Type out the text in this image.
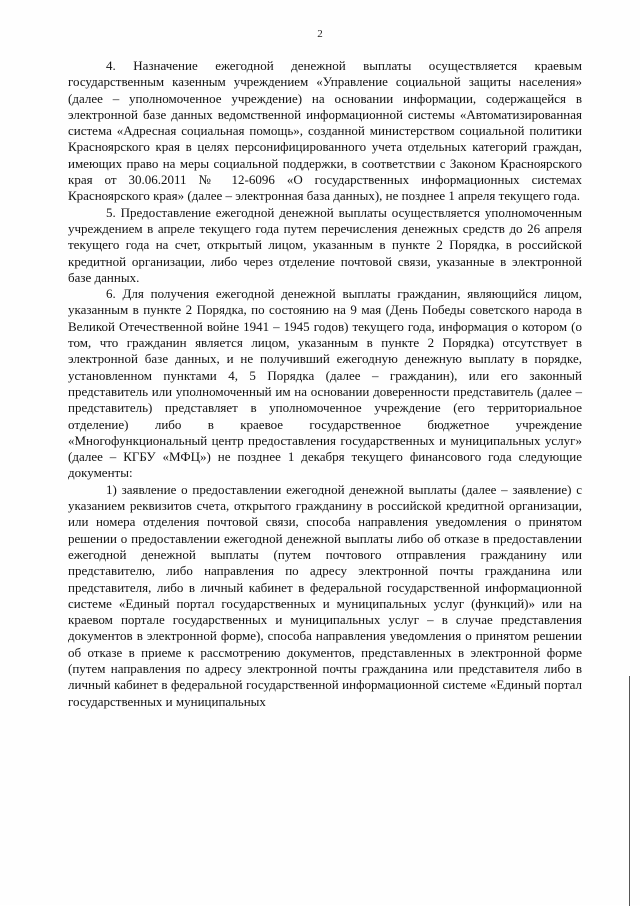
2

4. Назначение ежегодной денежной выплаты осуществляется краевым государственным казенным учреждением «Управление социальной защиты населения» (далее – уполномоченное учреждение) на основании информации, содержащейся в электронной базе данных ведомственной информационной системы «Автоматизированная система «Адресная социальная помощь», созданной министерством социальной политики Красноярского края в целях персонифицированного учета отдельных категорий граждан, имеющих право на меры социальной поддержки, в соответствии с Законом Красноярского края от 30.06.2011 № 12-6096 «О государственных информационных системах Красноярского края» (далее – электронная база данных), не позднее 1 апреля текущего года.

5. Предоставление ежегодной денежной выплаты осуществляется уполномоченным учреждением в апреле текущего года путем перечисления денежных средств до 26 апреля текущего года на счет, открытый лицом, указанным в пункте 2 Порядка, в российской кредитной организации, либо через отделение почтовой связи, указанные в электронной базе данных.

6. Для получения ежегодной денежной выплаты гражданин, являющийся лицом, указанным в пункте 2 Порядка, по состоянию на 9 мая (День Победы советского народа в Великой Отечественной войне 1941 – 1945 годов) текущего года, информация о котором (о том, что гражданин является лицом, указанным в пункте 2 Порядка) отсутствует в электронной базе данных, и не получивший ежегодную денежную выплату в порядке, установленном пунктами 4, 5 Порядка (далее – гражданин), или его законный представитель или уполномоченный им на основании доверенности представитель (далее – представитель) представляет в уполномоченное учреждение (его территориальное отделение) либо в краевое государственное бюджетное учреждение «Многофункциональный центр предоставления государственных и муниципальных услуг» (далее – КГБУ «МФЦ») не позднее 1 декабря текущего финансового года следующие документы:

1) заявление о предоставлении ежегодной денежной выплаты (далее – заявление) с указанием реквизитов счета, открытого гражданину в российской кредитной организации, или номера отделения почтовой связи, способа направления уведомления о принятом решении о предоставлении ежегодной денежной выплаты либо об отказе в предоставлении ежегодной денежной выплаты (путем почтового отправления гражданину или представителю, либо направления по адресу электронной почты гражданина или представителя, либо в личный кабинет в федеральной государственной информационной системе «Единый портал государственных и муниципальных услуг (функций)» или на краевом портале государственных и муниципальных услуг – в случае представления документов в электронной форме), способа направления уведомления о принятом решении об отказе в приеме к рассмотрению документов, представленных в электронной форме (путем направления по адресу электронной почты гражданина или представителя либо в личный кабинет в федеральной государственной информационной системе «Единый портал государственных и муниципальных
